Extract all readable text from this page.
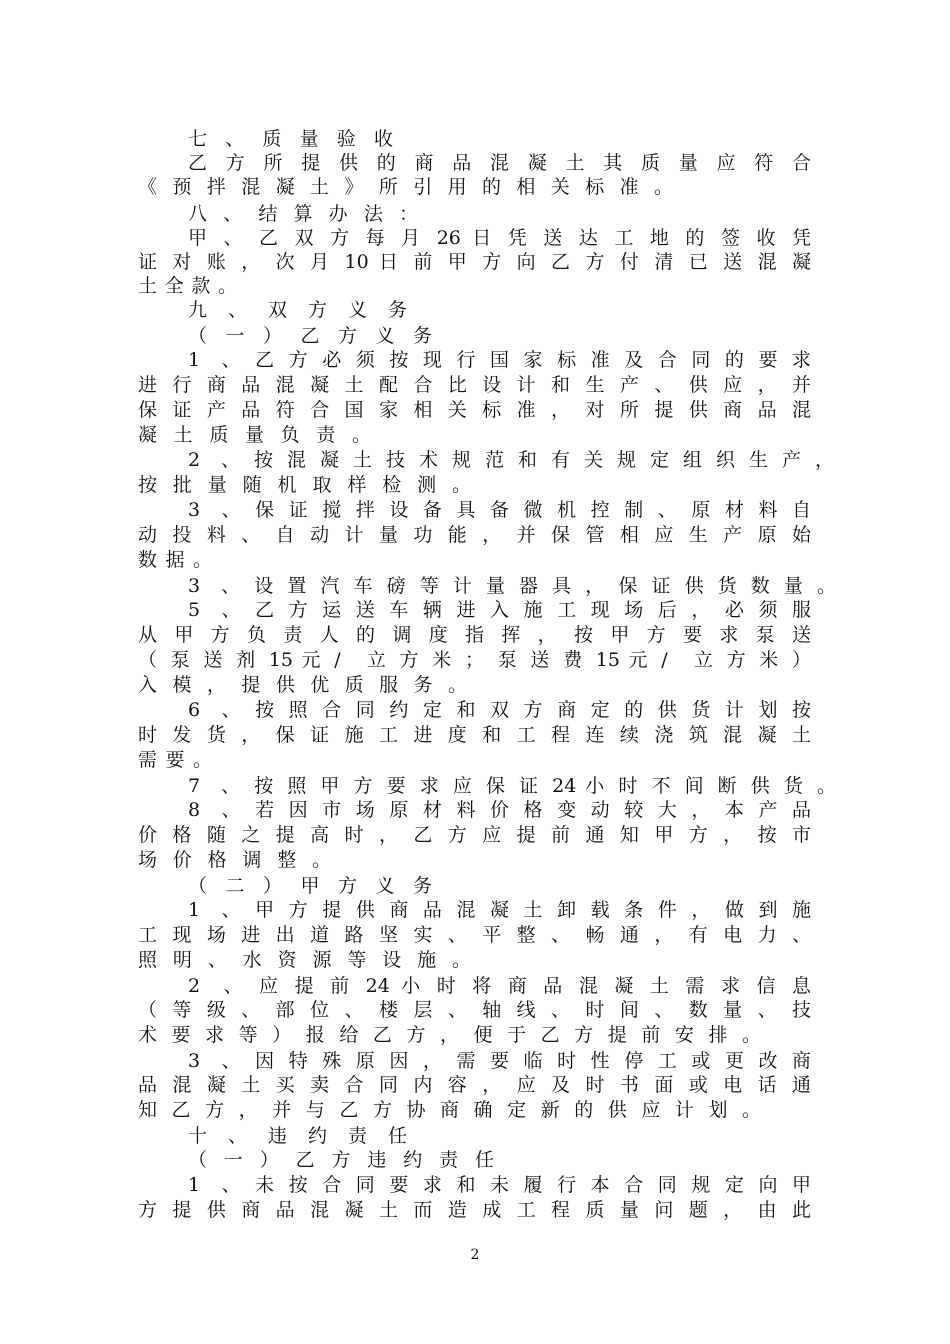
七 、 质 量 验 收
乙 方 所 提 供 的 商 品 混 凝 土 其 质 量 应 符 合
《 预 拌 混 凝 土 》 所 引 用 的 相 关 标 准 。
八 、 结 算 办 法 ：
甲 、 乙 双 方 每 月 26 日 凭 送 达 工 地 的 签 收 凭
证 对 账 ， 次 月 10 日 前 甲 方 向 乙 方 付 清 已 送 混 凝
土 全 款 。
九 、 双 方 义 务
（ 一 ） 乙 方 义 务
1 、 乙 方 必 须 按 现 行 国 家 标 准 及 合 同 的 要 求
进 行 商 品 混 凝 土 配 合 比 设 计 和 生 产 、 供 应 ， 并
保 证 产 品 符 合 国 家 相 关 标 准 ， 对 所 提 供 商 品 混
凝 土 质 量 负 责 。
2 、 按 混 凝 土 技 术 规 范 和 有 关 规 定 组 织 生 产 ，
按 批 量 随 机 取 样 检 测 。
3 、 保 证 搅 拌 设 备 具 备 微 机 控 制 、 原 材 料 自
动 投 料 、 自 动 计 量 功 能 ， 并 保 管 相 应 生 产 原 始
数 据 。
3 、 设 置 汽 车 磅 等 计 量 器 具 ， 保 证 供 货 数 量 。
5 、 乙 方 运 送 车 辆 进 入 施 工 现 场 后 ， 必 须 服
从 甲 方 负 责 人 的 调 度 指 挥 ， 按 甲 方 要 求 泵 送
（ 泵 送 剂 15 元 / 立 方 米 ； 泵 送 费 15 元 / 立 方 米 ）
入 模 ， 提 供 优 质 服 务 。
6 、 按 照 合 同 约 定 和 双 方 商 定 的 供 货 计 划 按
时 发 货 ， 保 证 施 工 进 度 和 工 程 连 续 浇 筑 混 凝 土
需 要 。
7 、 按 照 甲 方 要 求 应 保 证 24 小 时 不 间 断 供 货 。
8 、 若 因 市 场 原 材 料 价 格 变 动 较 大 ， 本 产 品
价 格 随 之 提 高 时 ， 乙 方 应 提 前 通 知 甲 方 ， 按 市
场 价 格 调 整 。
（ 二 ） 甲 方 义 务
1 、 甲 方 提 供 商 品 混 凝 土 卸 载 条 件 ， 做 到 施
工 现 场 进 出 道 路 坚 实 、 平 整 、 畅 通 ， 有 电 力 、
照 明 、 水 资 源 等 设 施 。
2 、 应 提 前 24 小 时 将 商 品 混 凝 土 需 求 信 息
（ 等 级 、 部 位 、 楼 层 、 轴 线 、 时 间 、 数 量 、 技
术 要 求 等 ） 报 给 乙 方 ， 便 于 乙 方 提 前 安 排 。
3 、 因 特 殊 原 因 ， 需 要 临 时 性 停 工 或 更 改 商
品 混 凝 土 买 卖 合 同 内 容 ， 应 及 时 书 面 或 电 话 通
知 乙 方 ， 并 与 乙 方 协 商 确 定 新 的 供 应 计 划 。
十 、 违 约 责 任
（ 一 ） 乙 方 违 约 责 任
1 、 未 按 合 同 要 求 和 未 履 行 本 合 同 规 定 向 甲
方 提 供 商 品 混 凝 土 而 造 成 工 程 质 量 问 题 ， 由 此
2
